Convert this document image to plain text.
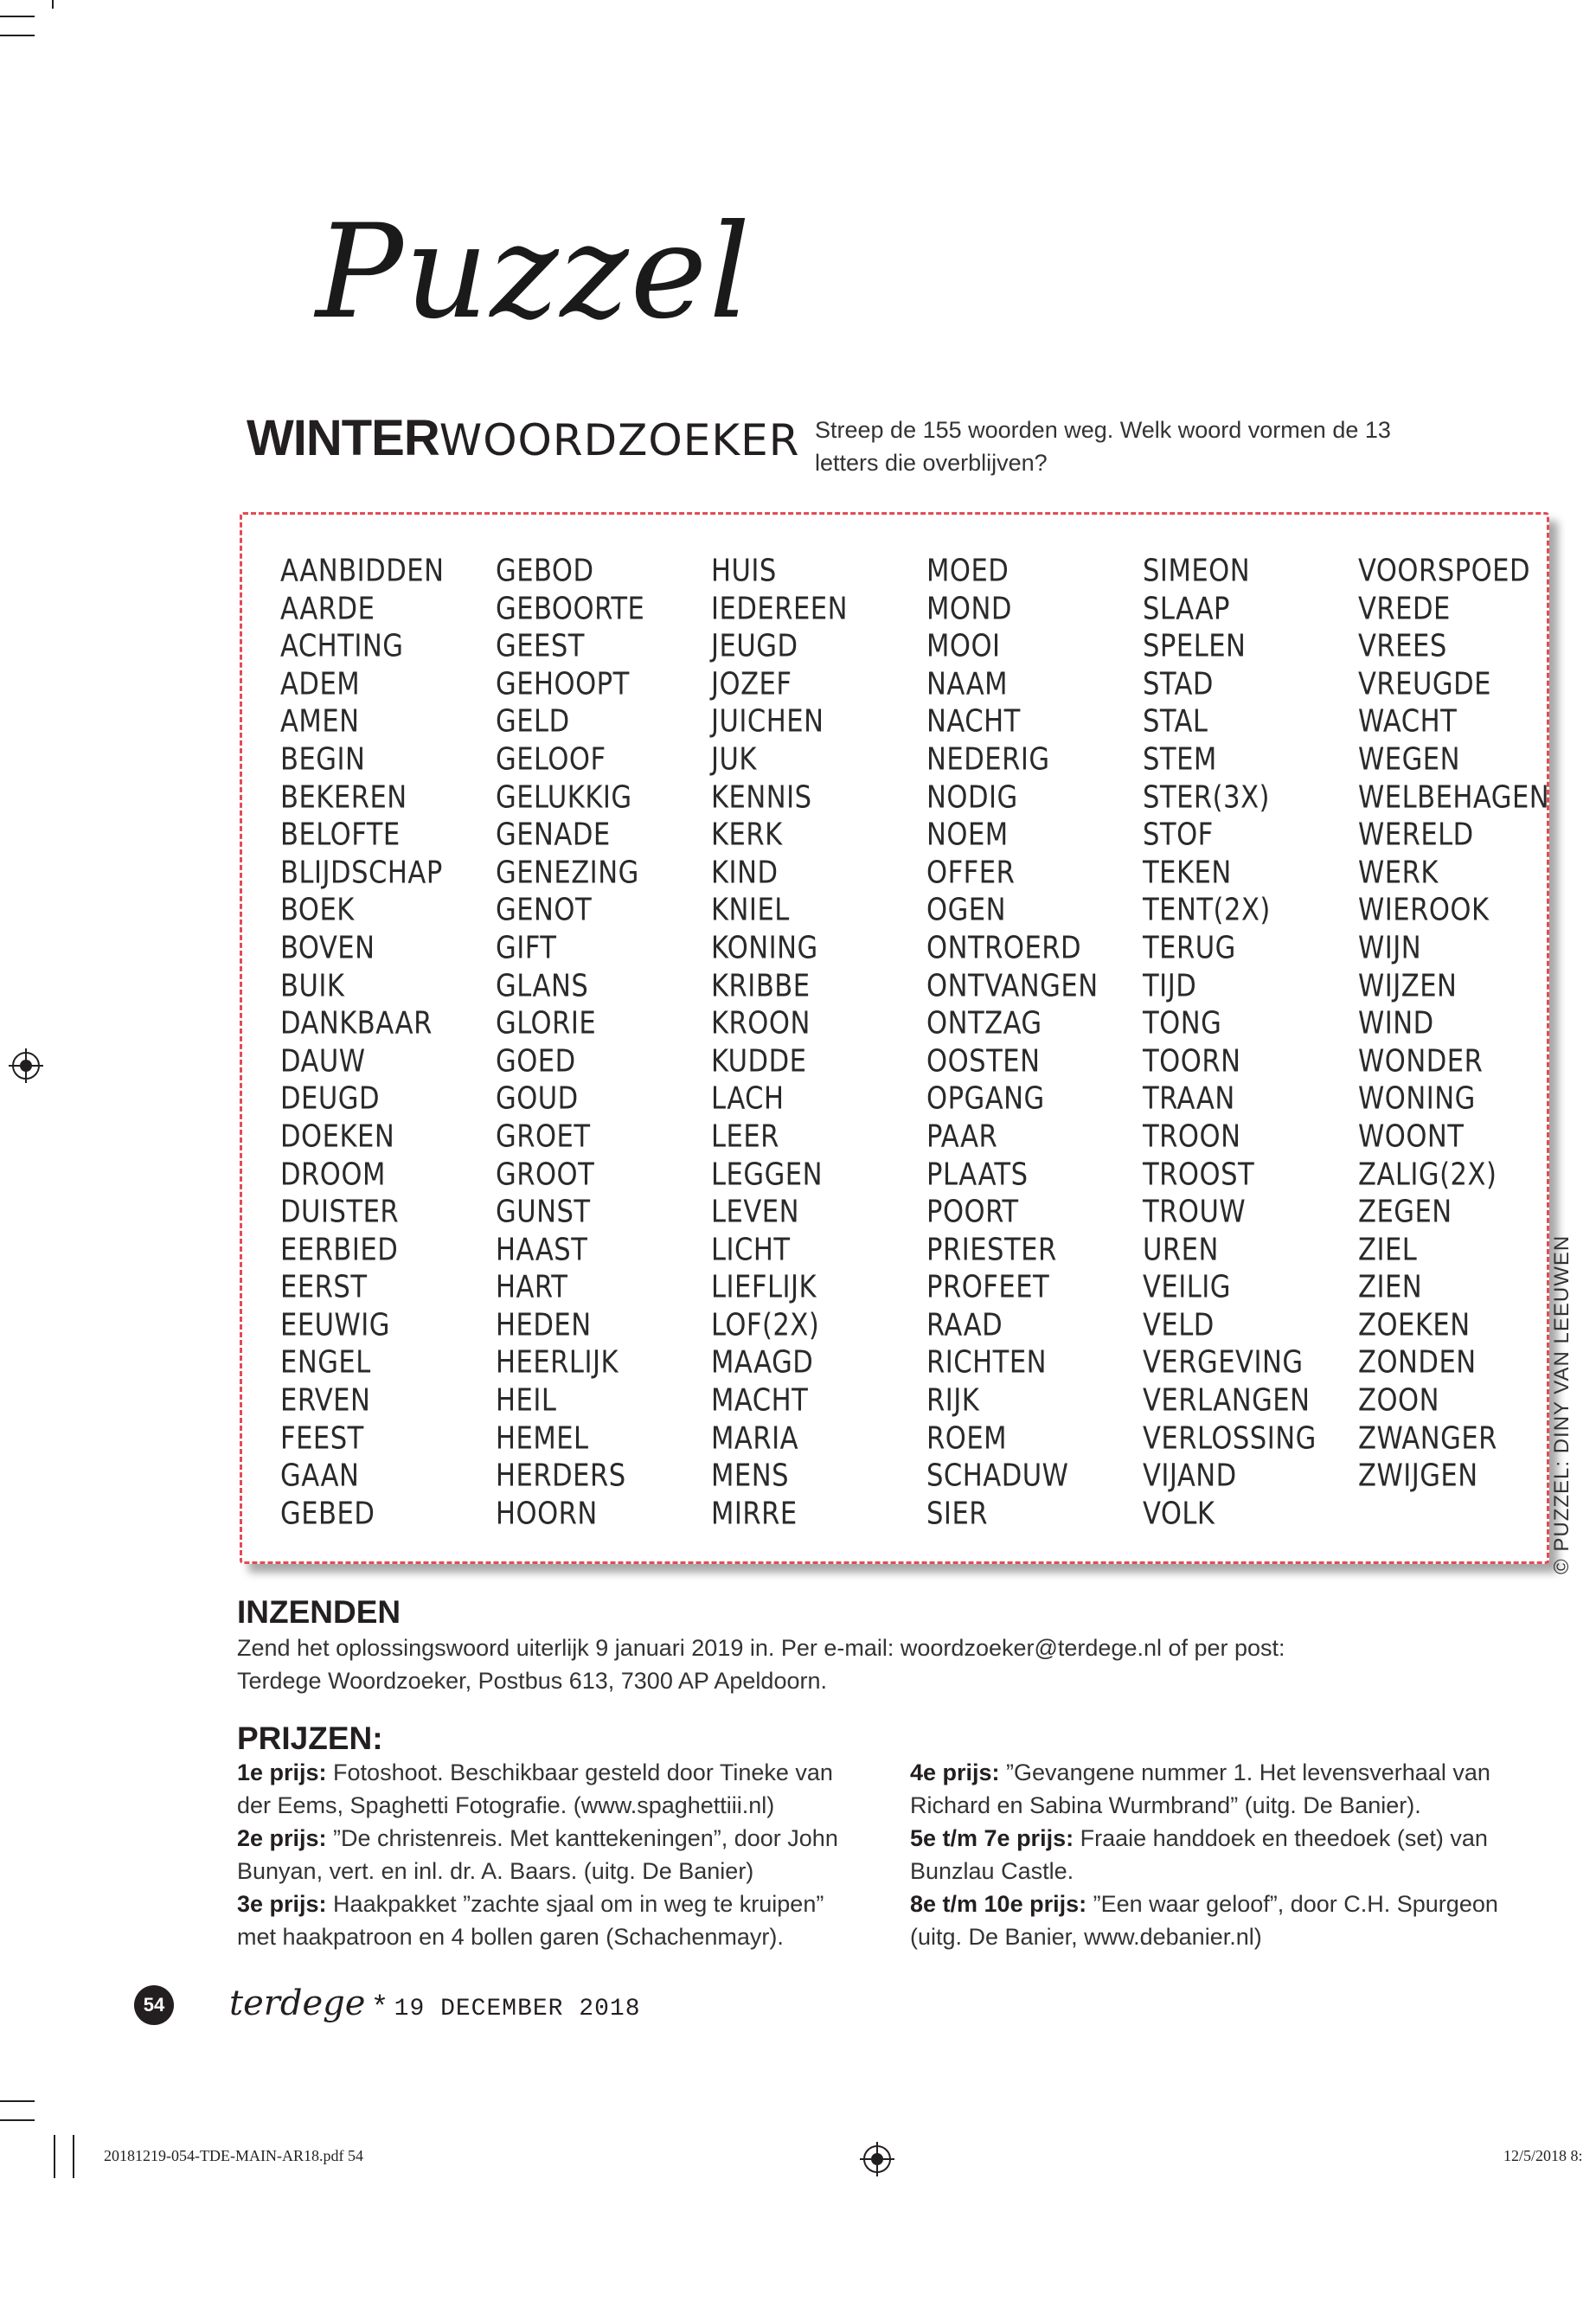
Puzzel
WINTERWOORDZOEKER Streep de 155 woorden weg. Welk woord vormen de 13 letters die overblijven?
AANBIDDEN
AARDE
ACHTING
ADEM
AMEN
BEGIN
BEKEREN
BELOFTE
BLIJDSCHAP
BOEK
BOVEN
BUIK
DANKBAAR
DAUW
DEUGD
DOEKEN
DROOM
DUISTER
EERBIED
EERST
EEUWIG
ENGEL
ERVEN
FEEST
GAAN
GEBED
GEBOD
GEBOORTE
GEEST
GEHOOPT
GELD
GELOOF
GELUKKIG
GENADE
GENEZING
GENOT
GIFT
GLANS
GLORIE
GOED
GOUD
GROET
GROOT
GUNST
HAAST
HART
HEDEN
HEERLIJK
HEIL
HEMEL
HERDERS
HOORN
HUIS
IEDEREEN
JEUGD
JOZEF
JUICHEN
JUK
KENNIS
KERK
KIND
KNIEL
KONING
KRIBBE
KROON
KUDDE
LACH
LEER
LEGGEN
LEVEN
LICHT
LIEFLIJK
LOF(2X)
MAAGD
MACHT
MARIA
MENS
MIRRE
MOED
MOND
MOOI
NAAM
NACHT
NEDERIG
NODIG
NOEM
OFFER
OGEN
ONTROERD
ONTVANGEN
ONTZAG
OOSTEN
OPGANG
PAAR
PLAATS
POORT
PRIESTER
PROFEET
RAAD
RICHTEN
RIJK
ROEM
SCHADUW
SIER
SIMEON
SLAAP
SPELEN
STAD
STAL
STEM
STER(3X)
STOF
TEKEN
TENT(2X)
TERUG
TIJD
TONG
TOORN
TRAAN
TROON
TROOST
TROUW
UREN
VEILIG
VELD
VERGEVING
VERLANGEN
VERLOSSING
VIJAND
VOLK
VOORSPOED
VREDE
VREES
VREUGDE
WACHT
WEGEN
WELBEHAGEN
WERELD
WERK
WIEROOK
WIJN
WIJZEN
WIND
WONDER
WONING
WOONT
ZALIG(2X)
ZEGEN
ZIEL
ZIEN
ZOEKEN
ZONDEN
ZOON
ZWANGER
ZWIJGEN	© PUZZEL: DINY VAN LEEUWEN
INZENDEN
Zend het oplossingswoord uiterlijk 9 januari 2019 in. Per e-mail: woordzoeker@terdege.nl of per post:
Terdege Woordzoeker, Postbus 613, 7300 AP Apeldoorn.
PRIJZEN:
1e prijs: Fotoshoot. Beschikbaar gesteld door Tineke van der Eems, Spaghetti Fotografie. (www.spaghettiii.nl)
2e prijs: ”De christenreis. Met kanttekeningen”, door John Bunyan, vert. en inl. dr. A. Baars. (uitg. De Banier)
3e prijs: Haakpakket ”zachte sjaal om in weg te kruipen” met haakpatroon en 4 bollen garen (Schachenmayr).
4e prijs: ”Gevangene nummer 1. Het levensverhaal van Richard en Sabina Wurmbrand” (uitg. De Banier).
5e t/m 7e prijs: Fraaie handdoek en theedoek (set) van Bunzlau Castle.
8e t/m 10e prijs: ”Een waar geloof”, door C.H. Spurgeon (uitg. De Banier, www.debanier.nl)
54 terdege * 19 DECEMBER 2018
20181219-054-TDE-MAIN-AR18.pdf 54	12/5/2018 8:
